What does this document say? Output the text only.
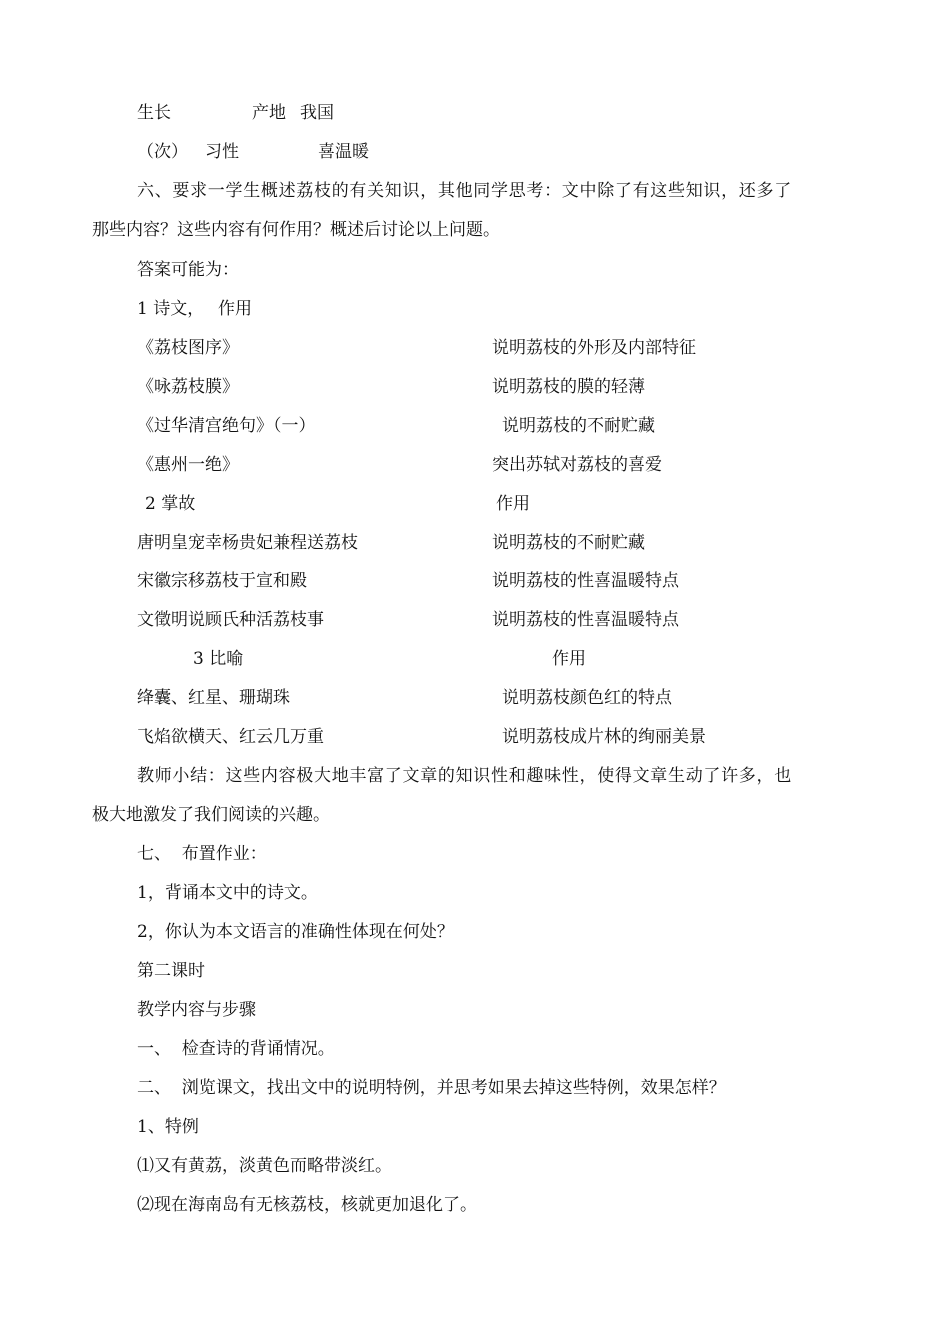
生长	产地 我国
（次） 习性	喜温暖
六、要求一学生概述荔枝的有关知识，其他同学思考：文中除了有这些知识，还多了
那些内容？这些内容有何作用？概述后讨论以上问题。
答案可能为：
1 诗文， 作用
《荔枝图序》	说明荔枝的外形及内部特征
《咏荔枝膜》	说明荔枝的膜的轻薄
《过华清宫绝句》（一）	说明荔枝的不耐贮藏
《惠州一绝》	突出苏轼对荔枝的喜爱
2 掌故	作用
唐明皇宠幸杨贵妃兼程送荔枝	说明荔枝的不耐贮藏
宋徽宗移荔枝于宣和殿	说明荔枝的性喜温暖特点
文徵明说顾氏种活荔枝事	说明荔枝的性喜温暖特点
3 比喻	作用
绛囊、红星、珊瑚珠	说明荔枝颜色红的特点
飞焰欲横天、红云几万重	说明荔枝成片林的绚丽美景
教师小结：这些内容极大地丰富了文章的知识性和趣味性，使得文章生动了许多，也
极大地激发了我们阅读的兴趣。
七、  布置作业：
1，背诵本文中的诗文。
2，你认为本文语言的准确性体现在何处？
第二课时
教学内容与步骤
一、  检查诗的背诵情况。
二、  浏览课文，找出文中的说明特例，并思考如果去掉这些特例，效果怎样？
1、特例
⑴又有黄荔，淡黄色而略带淡红。
⑵现在海南岛有无核荔枝，核就更加退化了。
